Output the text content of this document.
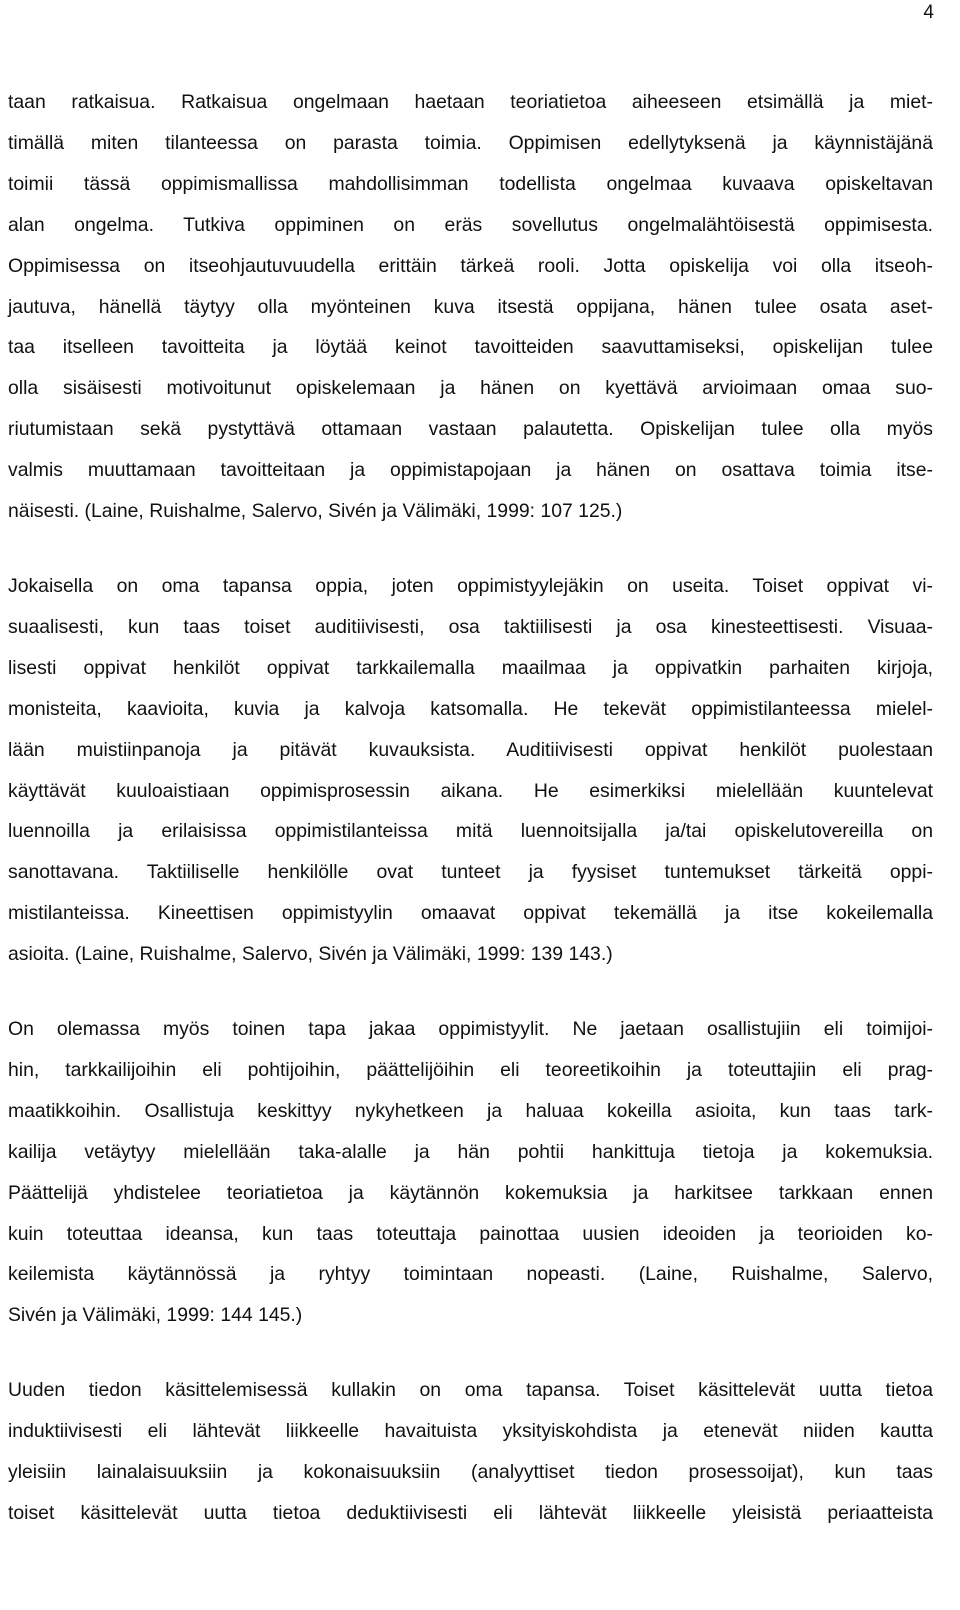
4

taan ratkaisua. Ratkaisua ongelmaan haetaan teoriatietoa aiheeseen etsimällä ja miet-
timällä miten tilanteessa on parasta toimia. Oppimisen edellytyksenä ja käynnistäjänä
toimii tässä oppimismallissa mahdollisimman todellista ongelmaa kuvaava opiskeltavan
alan ongelma. Tutkiva oppiminen on eräs sovellutus ongelmalähtöisestä oppimisesta.
Oppimisessa on itseohjautuvuudella erittäin tärkeä rooli. Jotta opiskelija voi olla itseoh-
jautuva, hänellä täytyy olla myönteinen kuva itsestä oppijana, hänen tulee osata aset-
taa itselleen tavoitteita ja löytää keinot tavoitteiden saavuttamiseksi, opiskelijan tulee
olla sisäisesti motivoitunut opiskelemaan ja hänen on kyettävä arvioimaan omaa suo-
riutumistaan sekä pystyttävä ottamaan vastaan palautetta. Opiskelijan tulee olla myös
valmis muuttamaan tavoitteitaan ja oppimistapojaan ja hänen on osattava toimia itse-
näisesti. (Laine, Ruishalme, Salervo, Sivén ja Välimäki, 1999: 107 125.)

Jokaisella on oma tapansa oppia, joten oppimistyylejäkin on useita. Toiset oppivat vi-
suaalisesti, kun taas toiset auditiivisesti, osa taktiilisesti ja osa kinesteettisesti. Visuaa-
lisesti oppivat henkilöt oppivat tarkkailemalla maailmaa ja oppivatkin parhaiten kirjoja,
monisteita, kaavioita, kuvia ja kalvoja katsomalla. He tekevät oppimistilanteessa mielel-
lään muistiinpanoja ja pitävät kuvauksista. Auditiivisesti oppivat henkilöt puolestaan
käyttävät kuuloaistiaan oppimisprosessin aikana. He esimerkiksi mielellään kuuntelevat
luennoilla ja erilaisissa oppimistilanteissa mitä luennoitsijalla ja/tai opiskelutovereilla on
sanottavana. Taktiiliselle henkilölle ovat tunteet ja fyysiset tuntemukset tärkeitä oppi-
mistilanteissa. Kineettisen oppimistyylin omaavat oppivat tekemällä ja itse kokeilemalla
asioita. (Laine, Ruishalme, Salervo, Sivén ja Välimäki, 1999: 139 143.)

On olemassa myös toinen tapa jakaa oppimistyylit. Ne jaetaan osallistujiin eli toimijoi-
hin, tarkkailijoihin eli pohtijoihin, päättelijöihin eli teoreetikoihin ja toteuttajiin eli prag-
maatikkoihin. Osallistuja keskittyy nykyhetkeen ja haluaa kokeilla asioita, kun taas tark-
kailija vetäytyy mielellään taka-alalle ja hän pohtii hankittuja tietoja ja kokemuksia.
Päättelijä yhdistelee teoriatietoa ja käytännön kokemuksia ja harkitsee tarkkaan ennen
kuin toteuttaa ideansa, kun taas toteuttaja painottaa uusien ideoiden ja teorioiden ko-
keilemista käytännössä ja ryhtyy toimintaan nopeasti. (Laine, Ruishalme, Salervo,
Sivén ja Välimäki, 1999: 144 145.)

Uuden tiedon käsittelemisessä kullakin on oma tapansa. Toiset käsittelevät uutta tietoa
induktiivisesti eli lähtevät liikkeelle havaituista yksityiskohdista ja etenevät niiden kautta
yleisiin lainalaisuuksiin ja kokonaisuuksiin (analyyttiset tiedon prosessoijat), kun taas
toiset käsittelevät uutta tietoa deduktiivisesti eli lähtevät liikkeelle yleisistä periaatteista
